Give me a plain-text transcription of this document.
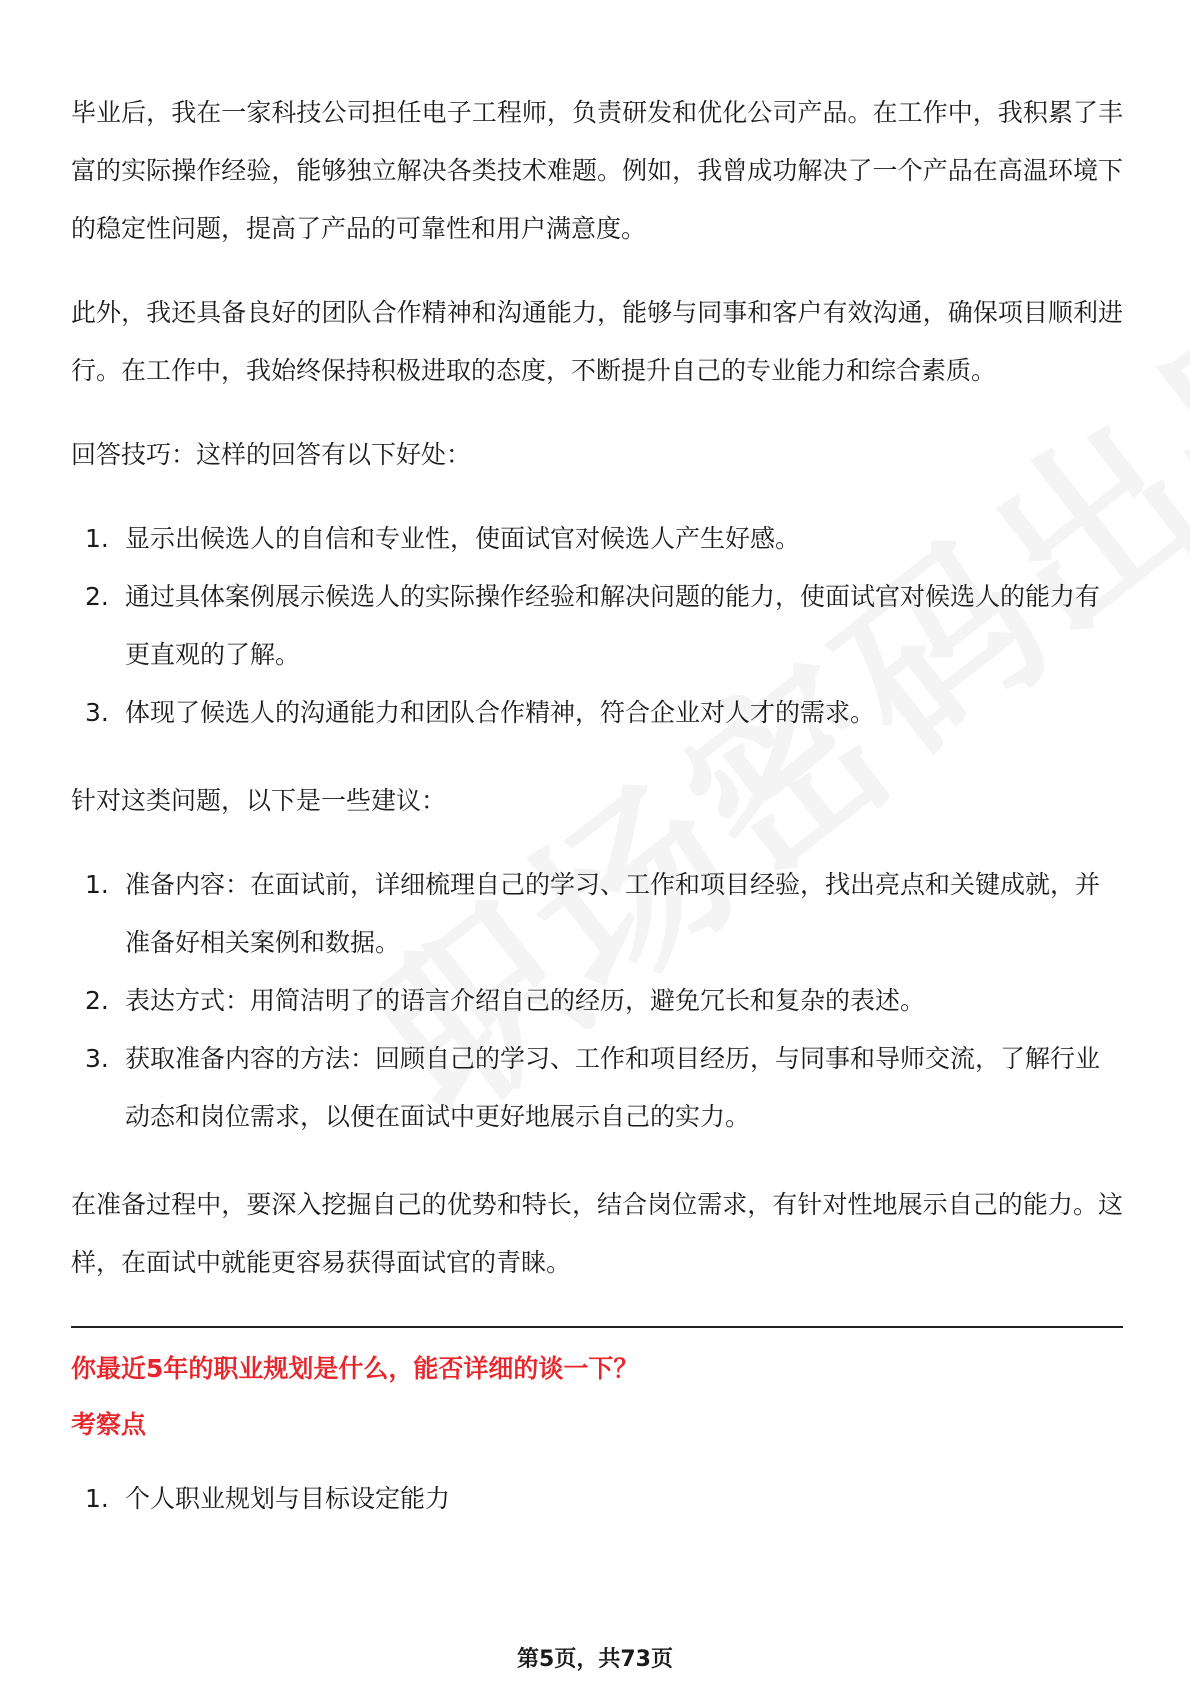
毕业后，我在一家科技公司担任电子工程师，负责研发和优化公司产品。在工作中，我积累了丰富的实际操作经验，能够独立解决各类技术难题。例如，我曾成功解决了一个产品在高温环境下的稳定性问题，提高了产品的可靠性和用户满意度。

此外，我还具备良好的团队合作精神和沟通能力，能够与同事和客户有效沟通，确保项目顺利进行。在工作中，我始终保持积极进取的态度，不断提升自己的专业能力和综合素质。

回答技巧：这样的回答有以下好处：

1. 显示出候选人的自信和专业性，使面试官对候选人产生好感。
2. 通过具体案例展示候选人的实际操作经验和解决问题的能力，使面试官对候选人的能力有更直观的了解。
3. 体现了候选人的沟通能力和团队合作精神，符合企业对人才的需求。

针对这类问题，以下是一些建议：

1. 准备内容：在面试前，详细梳理自己的学习、工作和项目经验，找出亮点和关键成就，并准备好相关案例和数据。
2. 表达方式：用简洁明了的语言介绍自己的经历，避免冗长和复杂的表述。
3. 获取准备内容的方法：回顾自己的学习、工作和项目经历，与同事和导师交流，了解行业动态和岗位需求，以便在面试中更好地展示自己的实力。

在准备过程中，要深入挖掘自己的优势和特长，结合岗位需求，有针对性地展示自己的能力。这样，在面试中就能更容易获得面试官的青睐。

你最近5年的职业规划是什么，能否详细的谈一下？
考察点
1. 个人职业规划与目标设定能力
第5页，共73页
